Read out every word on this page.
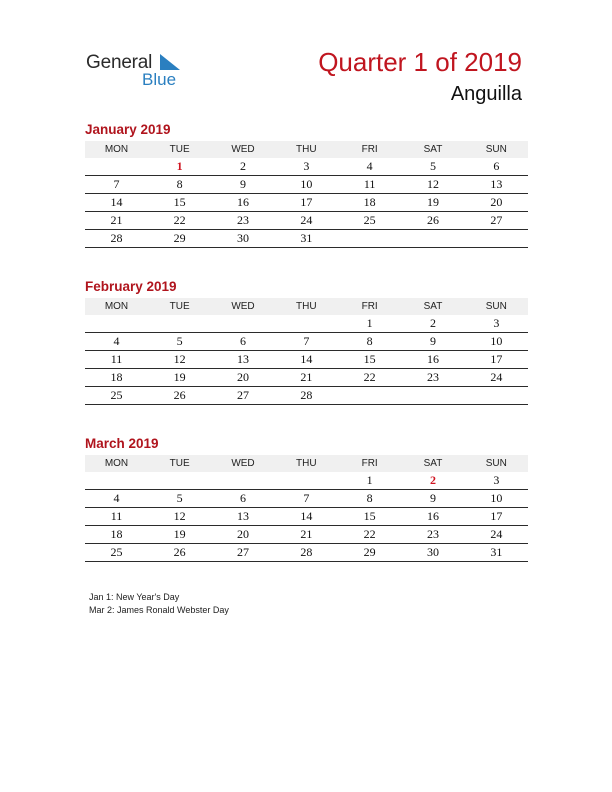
General
Blue
Quarter 1 of 2019
Anguilla
January 2019
MON	TUE	WED	THU	FRI	SAT	SUN
	1	2	3	4	5	6
7	8	9	10	11	12	13
14	15	16	17	18	19	20
21	22	23	24	25	26	27
28	29	30	31			
February 2019
MON	TUE	WED	THU	FRI	SAT	SUN
				1	2	3
4	5	6	7	8	9	10
11	12	13	14	15	16	17
18	19	20	21	22	23	24
25	26	27	28			
March 2019
MON	TUE	WED	THU	FRI	SAT	SUN
				1	2	3
4	5	6	7	8	9	10
11	12	13	14	15	16	17
18	19	20	21	22	23	24
25	26	27	28	29	30	31
Jan 1: New Year's Day
Mar 2: James Ronald Webster Day
